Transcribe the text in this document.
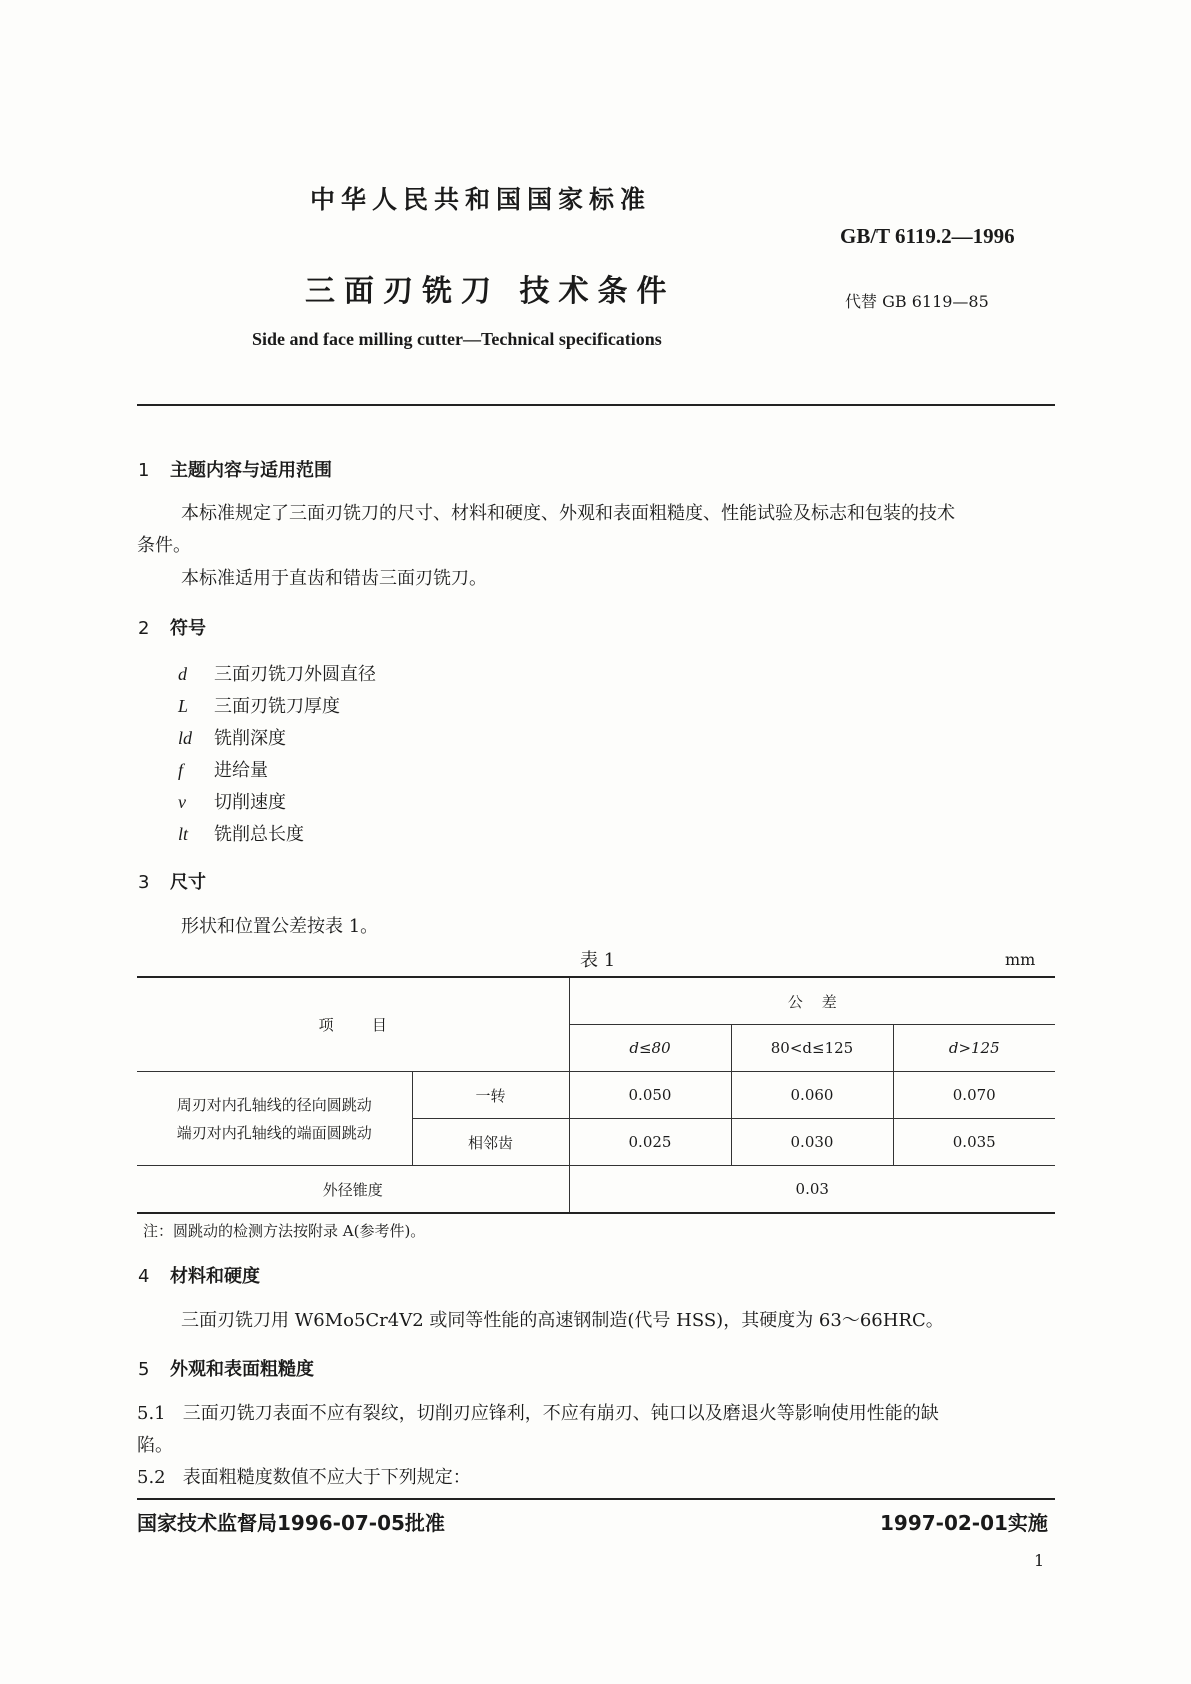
中华人民共和国国家标准
GB/T 6119.2—1996
三面刃铣刀 技术条件	代替 GB 6119—85
Side and face milling cutter—Technical specifications
1 主题内容与适用范围
本标准规定了三面刃铣刀的尺寸、材料和硬度、外观和表面粗糙度、性能试验及标志和包装的技术
条件。
本标准适用于直齿和错齿三面刃铣刀。
2 符号
d 三面刃铣刀外圆直径
L 三面刃铣刀厚度
ld 铣削深度
f 进给量
v 切削速度
lt 铣削总长度
3 尺寸
形状和位置公差按表 1。
表 1	mm
项        目		公    差		
		d≤80	80<d≤125	d>125

周刃对内孔轴线的径向圆跳动
端刃对内孔轴线的端面圆跳动	一转	0.050	0.060	0.070
	相邻齿	0.025	0.030	0.035
外径锥度		0.03		
注：圆跳动的检测方法按附录 A(参考件)。
4 材料和硬度
三面刃铣刀用 W6Mo5Cr4V2 或同等性能的高速钢制造(代号 HSS)，其硬度为 63～66HRC。
5 外观和表面粗糙度
5.1   三面刃铣刀表面不应有裂纹，切削刃应锋利，不应有崩刃、钝口以及磨退火等影响使用性能的缺
陷。
5.2   表面粗糙度数值不应大于下列规定：
国家技术监督局1996-07-05批准	1997-02-01实施
1
